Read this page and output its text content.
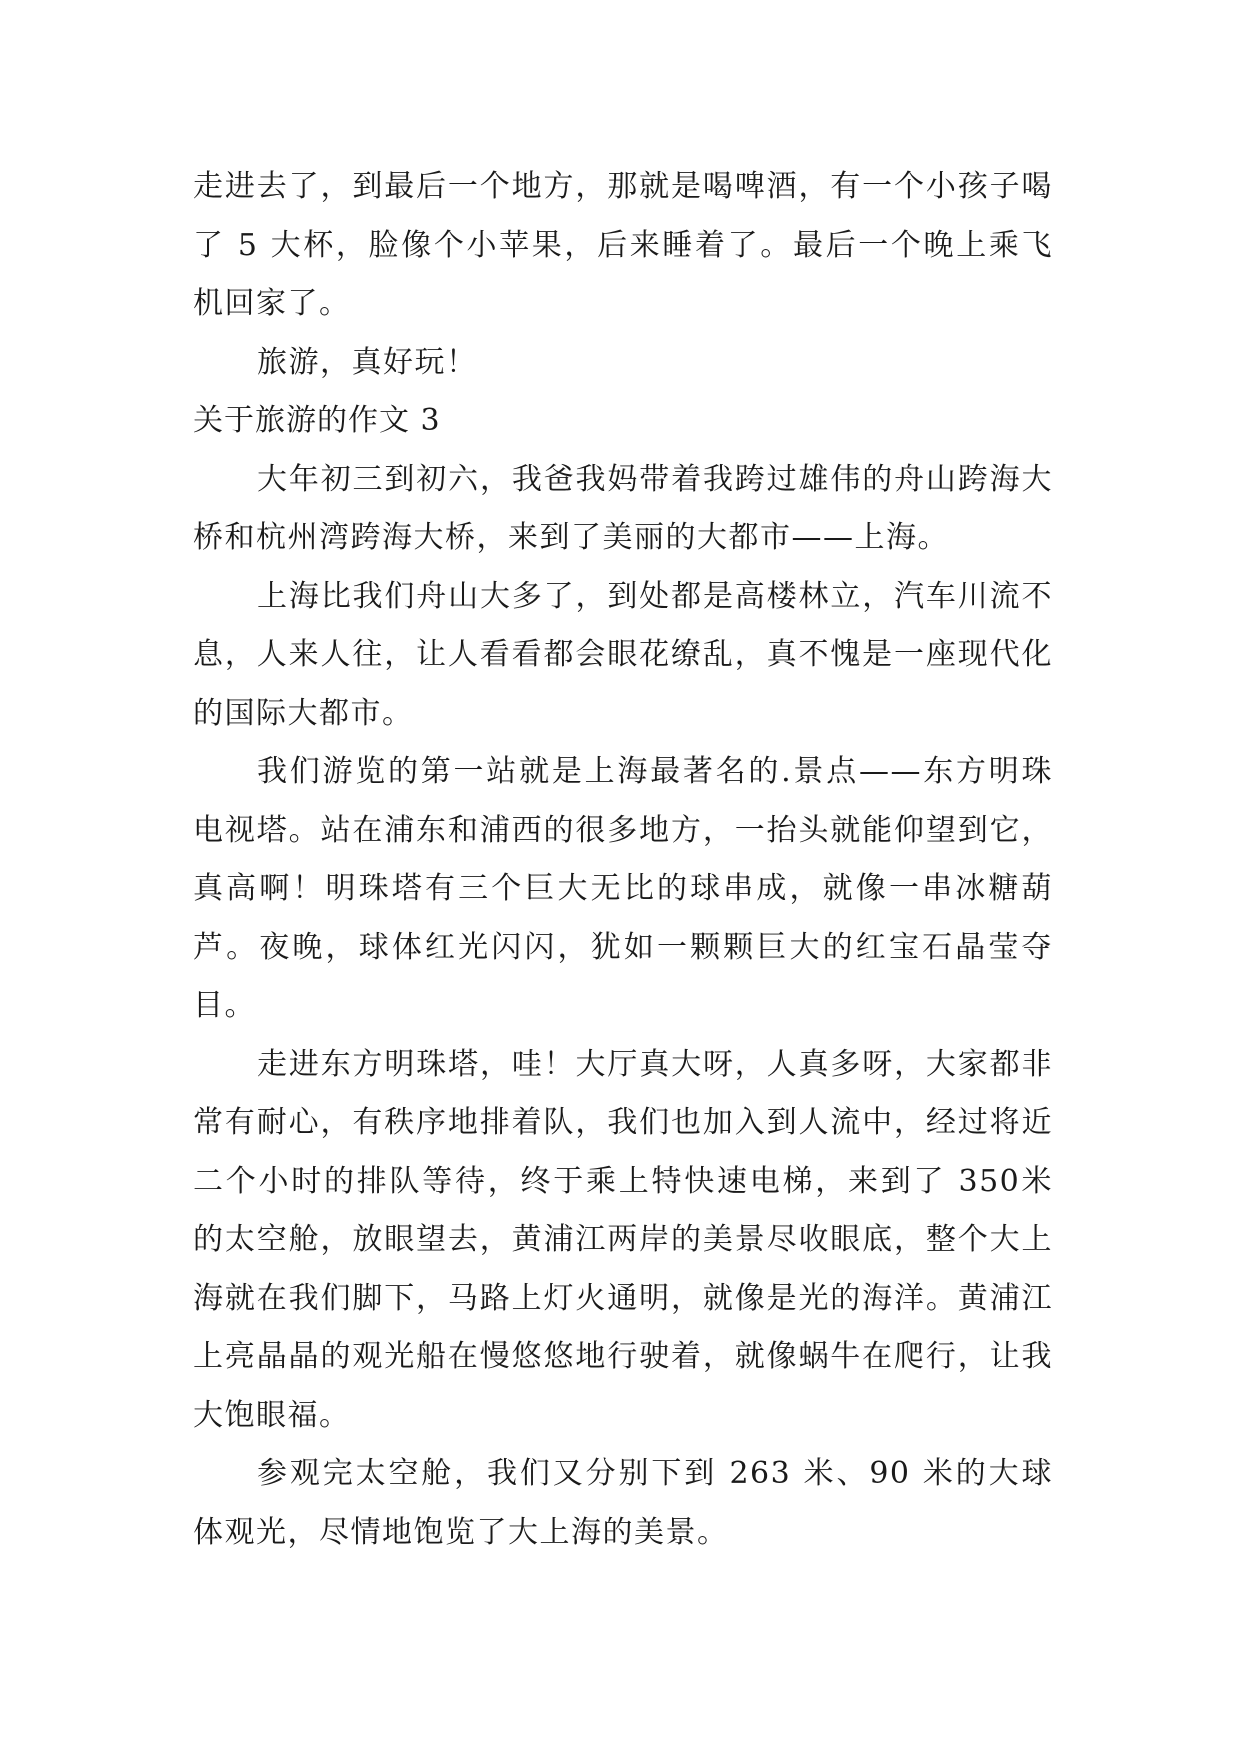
走进去了，到最后一个地方，那就是喝啤酒，有一个小孩子喝了 5 大杯，脸像个小苹果，后来睡着了。最后一个晚上乘飞机回家了。

旅游，真好玩！

关于旅游的作文 3

大年初三到初六，我爸我妈带着我跨过雄伟的舟山跨海大桥和杭州湾跨海大桥，来到了美丽的大都市——上海。

上海比我们舟山大多了，到处都是高楼林立，汽车川流不息，人来人往，让人看看都会眼花缭乱，真不愧是一座现代化的国际大都市。

我们游览的第一站就是上海最著名的.景点——东方明珠电视塔。站在浦东和浦西的很多地方，一抬头就能仰望到它，真高啊！明珠塔有三个巨大无比的球串成，就像一串冰糖葫芦。夜晚，球体红光闪闪，犹如一颗颗巨大的红宝石晶莹夺目。

走进东方明珠塔，哇！大厅真大呀，人真多呀，大家都非常有耐心，有秩序地排着队，我们也加入到人流中，经过将近二个小时的排队等待，终于乘上特快速电梯，来到了 350米的太空舱，放眼望去，黄浦江两岸的美景尽收眼底，整个大上海就在我们脚下，马路上灯火通明，就像是光的海洋。黄浦江上亮晶晶的观光船在慢悠悠地行驶着，就像蜗牛在爬行，让我大饱眼福。

参观完太空舱，我们又分别下到 263 米、90 米的大球体观光，尽情地饱览了大上海的美景。
